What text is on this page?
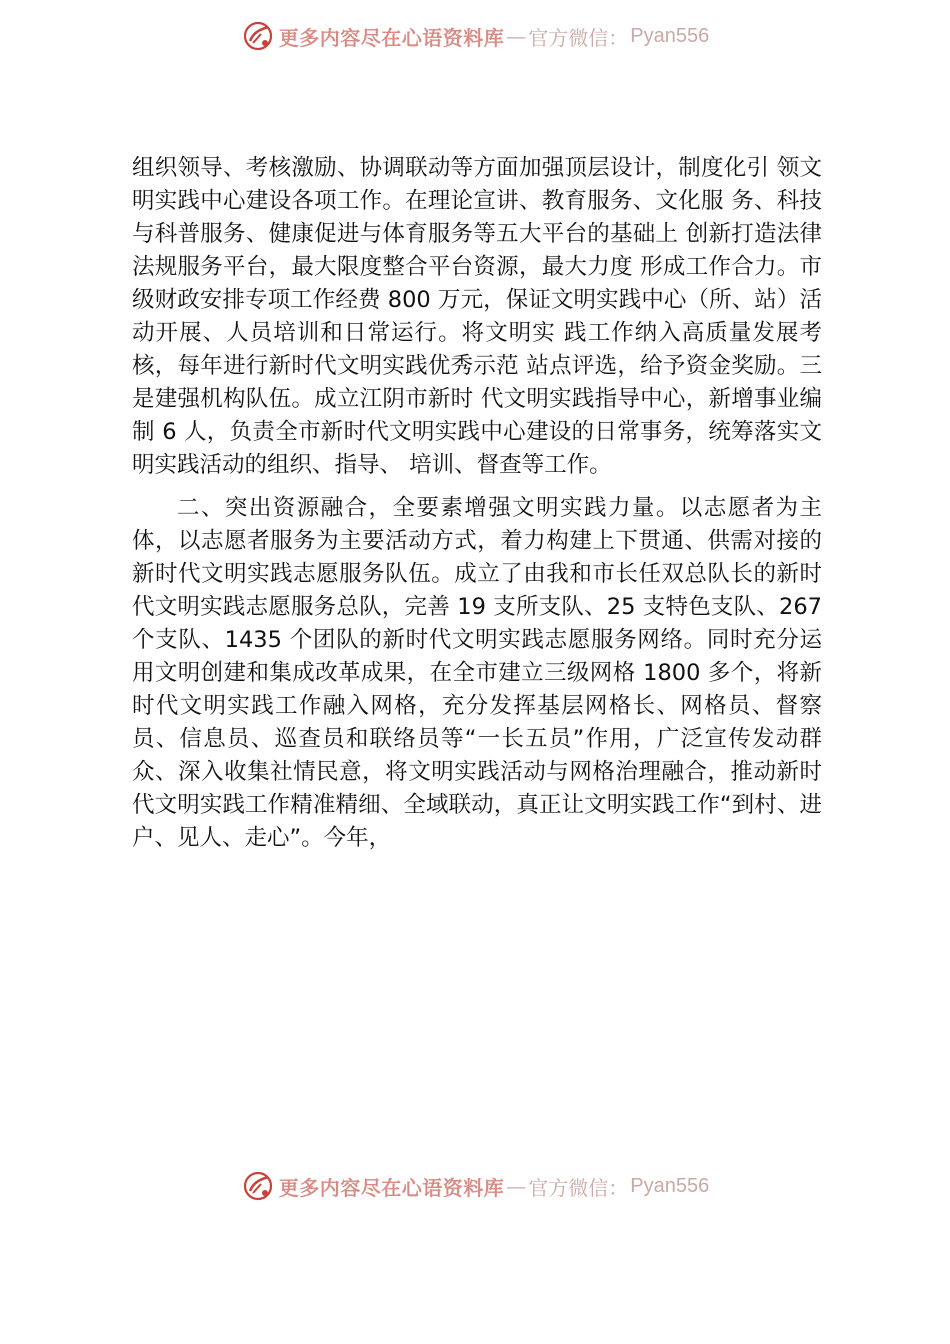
更多内容尽在心语资料库 — 官方微信： Pyan556

组织领导、考核激励、协调联动等方面加强顶层设计，制度化引 领文明实践中心建设各项工作。在理论宣讲、教育服务、文化服 务、科技与科普服务、健康促进与体育服务等五大平台的基础上 创新打造法律法规服务平台，最大限度整合平台资源，最大力度 形成工作合力。市级财政安排专项工作经费 800 万元，保证文明实践中心（所、站）活动开展、人员培训和日常运行。将文明实 践工作纳入高质量发展考核，每年进行新时代文明实践优秀示范 站点评选，给予资金奖励。三是建强机构队伍。成立江阴市新时 代文明实践指导中心，新增事业编制 6 人，负责全市新时代文明实践中心建设的日常事务，统筹落实文明实践活动的组织、指导、 培训、督查等工作。

二、突出资源融合，全要素增强文明实践力量。以志愿者为主体，以志愿者服务为主要活动方式，着力构建上下贯通、供需对接的新时代文明实践志愿服务队伍。成立了由我和市长任双总队长的新时代文明实践志愿服务总队，完善 19 支所支队、25 支特色支队、267 个支队、1435 个团队的新时代文明实践志愿服务网络。同时充分运用文明创建和集成改革成果，在全市建立三级网格 1800 多个，将新时代文明实践工作融入网格，充分发挥基层网格长、网格员、督察员、信息员、巡查员和联络员等“一长五员”作用，广泛宣传发动群众、深入收集社情民意，将文明实践活动与网格治理融合，推动新时代文明实践工作精准精细、全域联动，真正让文明实践工作“到村、进户、见人、走心”。今年，

更多内容尽在心语资料库 — 官方微信： Pyan556
